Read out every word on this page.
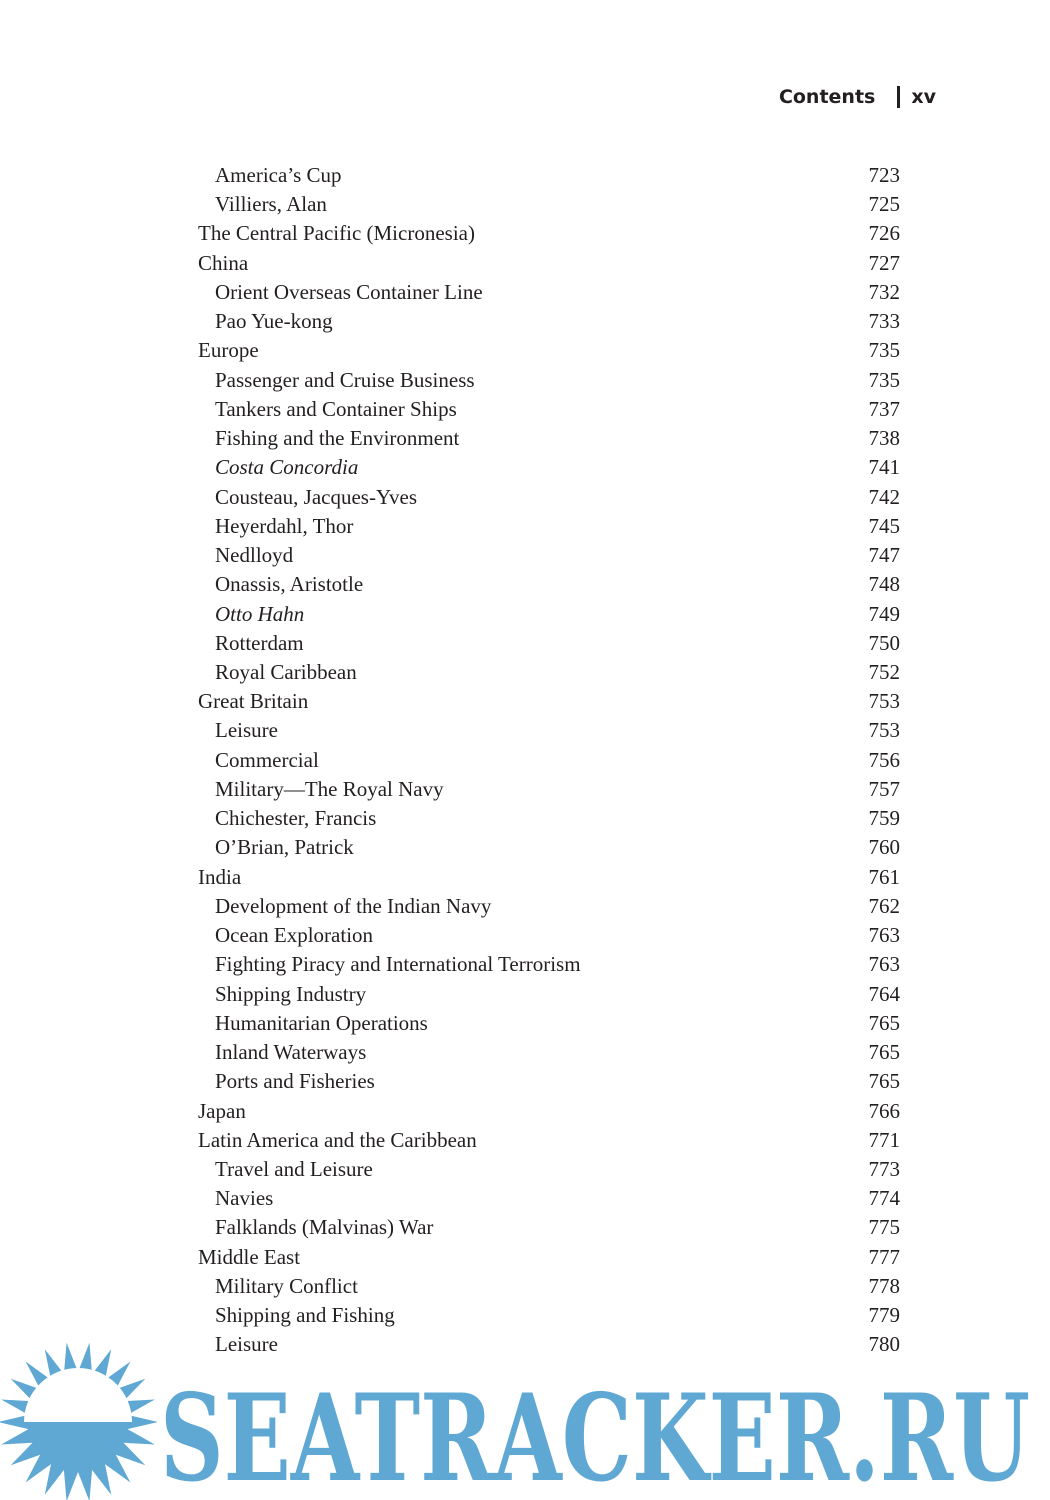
Contents xv
America’s Cup	723
Villiers, Alan	725
The Central Pacific (Micronesia)	726
China	727
Orient Overseas Container Line	732
Pao Yue-kong	733
Europe	735
Passenger and Cruise Business	735
Tankers and Container Ships	737
Fishing and the Environment	738
Costa Concordia	741
Cousteau, Jacques-Yves	742
Heyerdahl, Thor	745
Nedlloyd	747
Onassis, Aristotle	748
Otto Hahn	749
Rotterdam	750
Royal Caribbean	752
Great Britain	753
Leisure	753
Commercial	756
Military—The Royal Navy	757
Chichester, Francis	759
O’Brian, Patrick	760
India	761
Development of the Indian Navy	762
Ocean Exploration	763
Fighting Piracy and International Terrorism	763
Shipping Industry	764
Humanitarian Operations	765
Inland Waterways	765
Ports and Fisheries	765
Japan	766
Latin America and the Caribbean	771
Travel and Leisure	773
Navies	774
Falklands (Malvinas) War	775
Middle East	777
Military Conflict	778
Shipping and Fishing	779
Leisure	780
SEATRACKER.RU
